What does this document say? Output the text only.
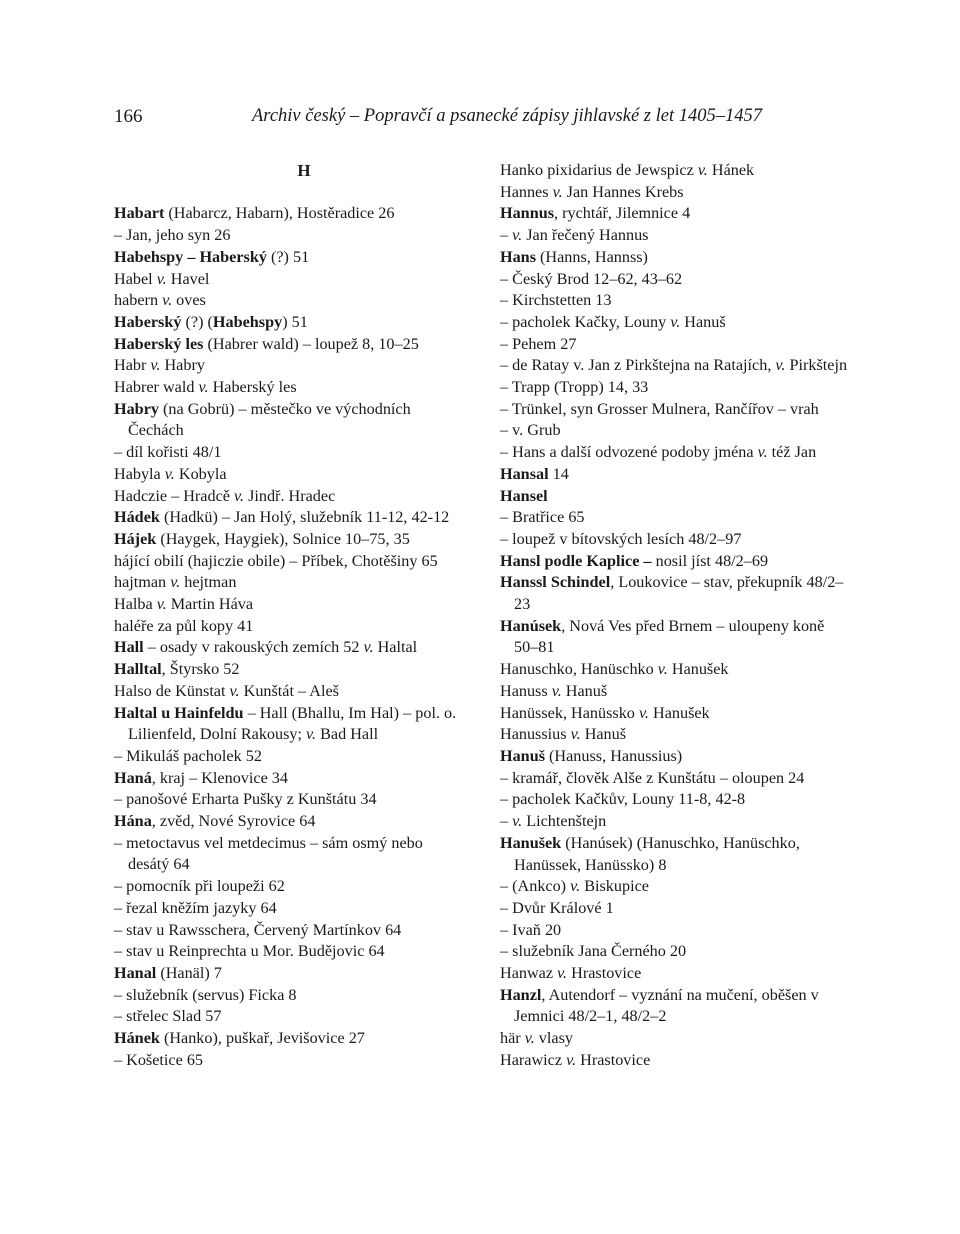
166	Archiv český – Popravčí a psanecké zápisy jihlavské z let 1405–1457
H
Habart (Habarcz, Habarn), Hostěradice 26
– Jan, jeho syn 26
Habehspy – Haberský (?) 51
Habel v. Havel
habern v. oves
Haberský (?) (Habehspy) 51
Haberský les (Habrer wald) – loupež 8, 10–25
Habr v. Habry
Habrer wald v. Haberský les
Habry (na Gobrü) – městečko ve východních Čechách
– díl kořisti 48/1
Habyla v. Kobyla
Hadczie – Hradcě v. Jindř. Hradec
Hádek (Hadkü) – Jan Holý, služebník 11-12, 42-12
Hájek (Haygek, Haygiek), Solnice 10–75, 35
hájící obilí (hajiczie obile) – Příbek, Chotěšiny 65
hajtman v. hejtman
Halba v. Martin Háva
haléře za půl kopy 41
Hall – osady v rakouských zemích 52 v. Haltal
Halltal, Štyrsko 52
Halso de Künstat v. Kunštát – Aleš
Haltal u Hainfeldu – Hall (Bhallu, Im Hal) – pol. o. Lilienfeld, Dolní Rakousy; v. Bad Hall
– Mikuláš pacholek 52
Haná, kraj – Klenovice 34
– panošové Erharta Pušky z Kunštátu 34
Hána, zvěd, Nové Syrovice 64
– metoctavus vel metdecimus – sám osmý nebo desátý 64
– pomocník při loupeži 62
– řezal kněžím jazyky 64
– stav u Rawsschera, Červený Martínkov 64
– stav u Reinprechta u Mor. Budějovic 64
Hanal (Hanäl) 7
– služebník (servus) Ficka 8
– střelec Slad 57
Hánek (Hanko), puškař, Jevišovice 27
– Košetice 65
Hanko pixidarius de Jewspicz v. Hánek
Hannes v. Jan Hannes Krebs
Hannus, rychtář, Jilemnice 4
– v. Jan řečený Hannus
Hans (Hanns, Hannss)
– Český Brod 12–62, 43–62
– Kirchstetten 13
– pacholek Kačky, Louny v. Hanuš
– Pehem 27
– de Ratay v. Jan z Pirkštejna na Ratajích, v. Pirkštejn
– Trapp (Tropp) 14, 33
– Trünkel, syn Grosser Mulnera, Rančířov – vrah
– v. Grub
– Hans a další odvozené podoby jména v. též Jan
Hansal 14
Hansel
– Bratřice 65
– loupež v bítovských lesích 48/2–97
Hansl podle Kaplice – nosil jíst 48/2–69
Hanssl Schindel, Loukovice – stav, překupník 48/2–23
Hanúsek, Nová Ves před Brnem – uloupeny koně 50–81
Hanuschko, Hanüschko v. Hanušek
Hanuss v. Hanuš
Hanüssek, Hanüssko v. Hanušek
Hanussius v. Hanuš
Hanuš (Hanuss, Hanussius)
– kramář, člověk Alše z Kunštátu – oloupen 24
– pacholek Kačkův, Louny 11-8, 42-8
– v. Lichtenštejn
Hanušek (Hanúsek) (Hanuschko, Hanüschko, Hanüssek, Hanüssko) 8
– (Ankco) v. Biskupice
– Dvůr Králové 1
– Ivaň 20
– služebník Jana Černého 20
Hanwaz v. Hrastovice
Hanzl, Autendorf – vyznání na mučení, oběšen v Jemnici 48/2–1, 48/2–2
här v. vlasy
Harawicz v. Hrastovice
